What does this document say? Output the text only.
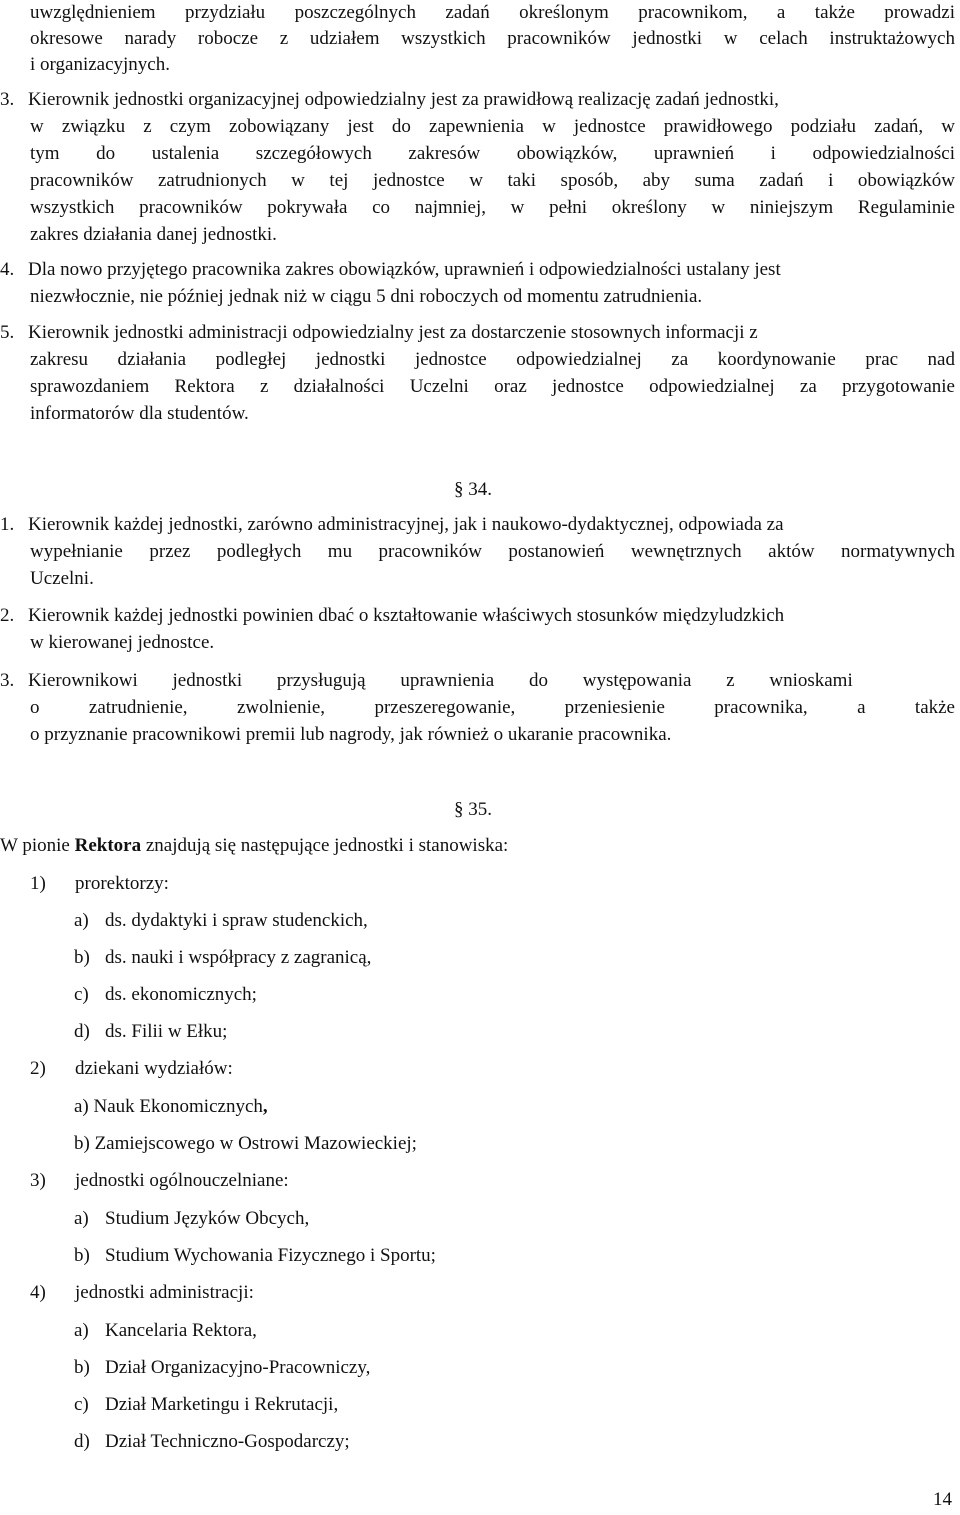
uwzględnieniem przydziału poszczególnych zadań określonym pracownikom, a także prowadzi
okresowe narady robocze z udziałem wszystkich pracowników jednostki w celach instruktażowych
i organizacyjnych.
3. Kierownik jednostki organizacyjnej odpowiedzialny jest za prawidłową realizację zadań jednostki,
w związku z czym zobowiązany jest do zapewnienia w jednostce prawidłowego podziału zadań, w
tym do ustalenia szczegółowych zakresów obowiązków, uprawnień i odpowiedzialności
pracowników zatrudnionych w tej jednostce w taki sposób, aby suma zadań i obowiązków
wszystkich pracowników pokrywała co najmniej, w pełni określony w niniejszym Regulaminie
zakres działania danej jednostki.
4. Dla nowo przyjętego pracownika zakres obowiązków, uprawnień i odpowiedzialności ustalany jest
niezwłocznie, nie później jednak niż w ciągu 5 dni roboczych od momentu zatrudnienia.
5. Kierownik jednostki administracji odpowiedzialny jest za dostarczenie stosownych informacji z
zakresu działania podległej jednostki jednostce odpowiedzialnej za koordynowanie prac nad
sprawozdaniem Rektora z działalności Uczelni oraz jednostce odpowiedzialnej za przygotowanie
informatorów dla studentów.
§ 34.
1. Kierownik każdej jednostki, zarówno administracyjnej, jak i naukowo-dydaktycznej, odpowiada za
wypełnianie przez podległych mu pracowników postanowień wewnętrznych aktów normatywnych
Uczelni.
2. Kierownik każdej jednostki powinien dbać o kształtowanie właściwych stosunków międzyludzkich
w kierowanej jednostce.
3. Kierownikowi jednostki przysługują uprawnienia do występowania z wnioskami
o zatrudnienie, zwolnienie, przeszeregowanie, przeniesienie pracownika, a także
o przyznanie pracownikowi premii lub nagrody, jak również o ukaranie pracownika.
§ 35.
W pionie Rektora znajdują się następujące jednostki i stanowiska:
1) prorektorzy:
a) ds. dydaktyki i spraw studenckich,
b) ds. nauki i współpracy z zagranicą,
c) ds. ekonomicznych;
d) ds. Filii w Ełku;
2) dziekani wydziałów:
a) Nauk Ekonomicznych,
b) Zamiejscowego w Ostrowi Mazowieckiej;
3) jednostki ogólnouczelniane:
a) Studium Języków Obcych,
b) Studium Wychowania Fizycznego i Sportu;
4) jednostki administracji:
a) Kancelaria Rektora,
b) Dział Organizacyjno-Pracowniczy,
c) Dział Marketingu i Rekrutacji,
d) Dział Techniczno-Gospodarczy;
14
